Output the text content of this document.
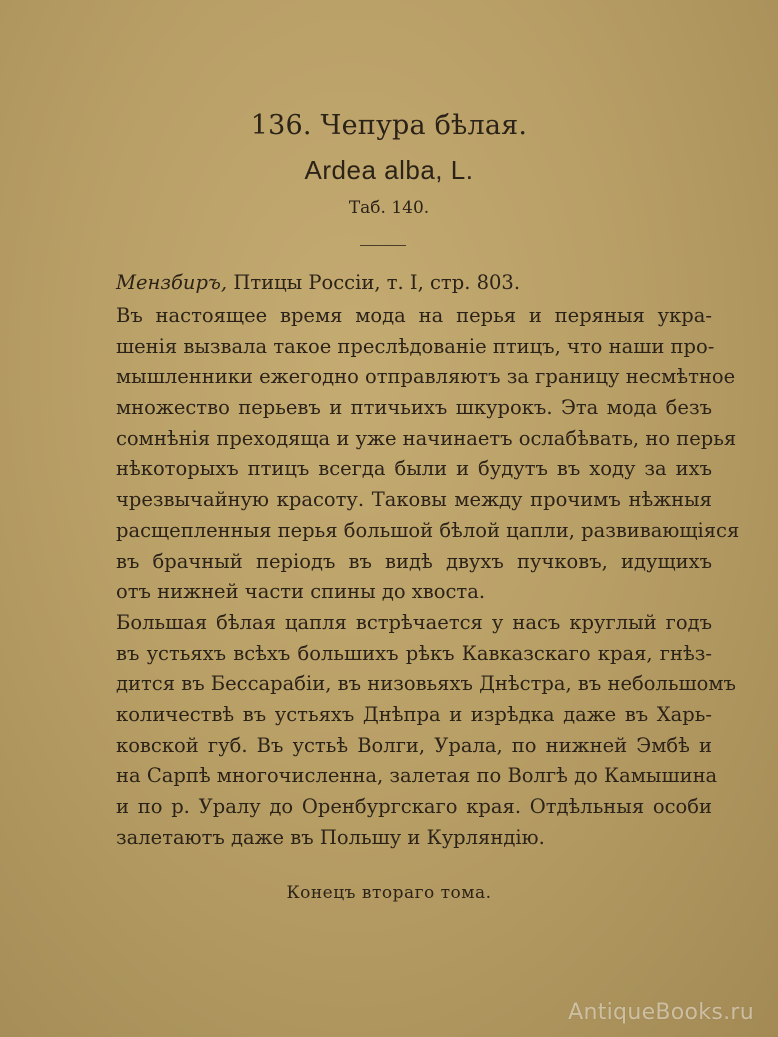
136. Чепура бѣлая.
Ardea alba, L.
Таб. 140.
Мензбиръ, Птицы Россіи, т. I, стр. 803.
Въ настоящее время мода на перья и перяныя укра-
шенія вызвала такое преслѣдованіе птицъ, что наши про-
мышленники ежегодно отправляютъ за границу несмѣтное
множество перьевъ и птичьихъ шкурокъ. Эта мода безъ
сомнѣнія преходяща и уже начинаетъ ослабѣвать, но перья
нѣкоторыхъ птицъ всегда были и будутъ въ ходу за ихъ
чрезвычайную красоту. Таковы между прочимъ нѣжныя
расщепленныя перья большой бѣлой цапли, развивающіяся
въ брачный періодъ въ видѣ двухъ пучковъ, идущихъ
отъ нижней части спины до хвоста.
Большая бѣлая цапля встрѣчается у насъ круглый годъ
въ устьяхъ всѣхъ большихъ рѣкъ Кавказскаго края, гнѣз-
дится въ Бессарабіи, въ низовьяхъ Днѣстра, въ небольшомъ
количествѣ въ устьяхъ Днѣпра и изрѣдка даже въ Харь-
ковской губ. Въ устьѣ Волги, Урала, по нижней Эмбѣ и
на Сарпѣ многочисленна, залетая по Волгѣ до Камышина
и по р. Уралу до Оренбургскаго края. Отдѣльныя особи
залетаютъ даже въ Польшу и Курляндію.
Конецъ втораго тома.
AntiqueBooks.ru
